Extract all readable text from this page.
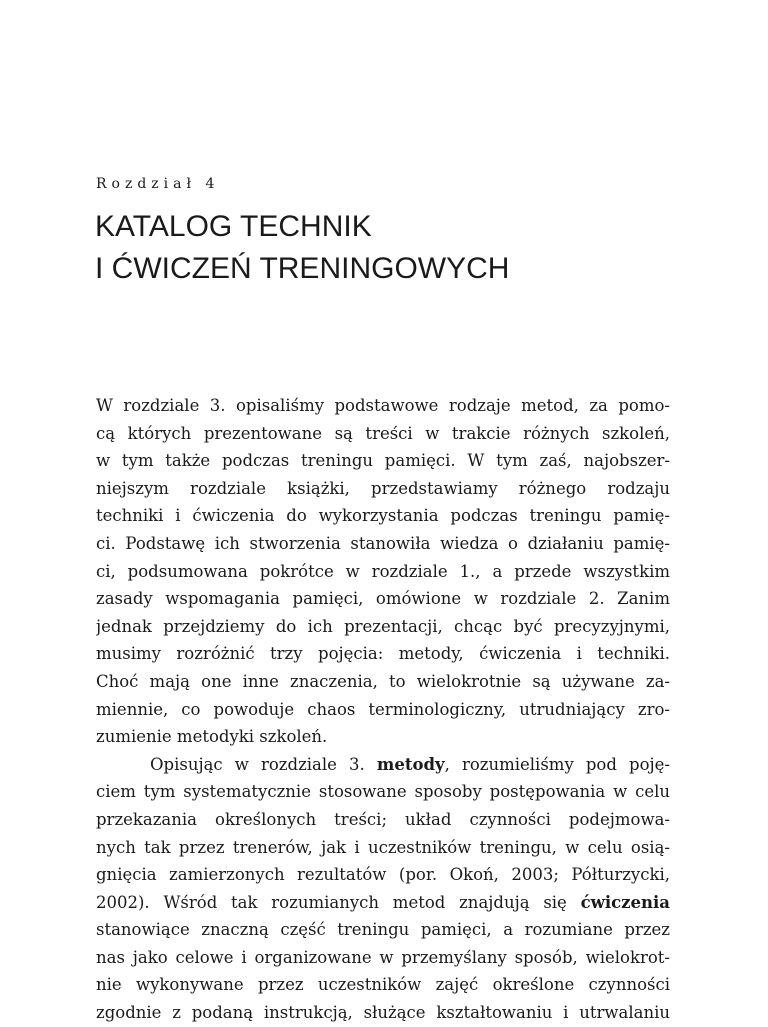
Rozdział 4
KATALOG TECHNIK
I ĆWICZEŃ TRENINGOWYCH
W rozdziale 3. opisaliśmy podstawowe rodzaje metod, za pomo-
cą których prezentowane są treści w trakcie różnych szkoleń,
w tym także podczas treningu pamięci. W tym zaś, najobszer-
niejszym rozdziale książki, przedstawiamy różnego rodzaju
techniki i ćwiczenia do wykorzystania podczas treningu pamię-
ci. Podstawę ich stworzenia stanowiła wiedza o działaniu pamię-
ci, podsumowana pokrótce w rozdziale 1., a przede wszystkim
zasady wspomagania pamięci, omówione w rozdziale 2. Zanim
jednak przejdziemy do ich prezentacji, chcąc być precyzyjnymi,
musimy rozróżnić trzy pojęcia: metody, ćwiczenia i techniki.
Choć mają one inne znaczenia, to wielokrotnie są używane za-
miennie, co powoduje chaos terminologiczny, utrudniający zro-
zumienie metodyki szkoleń.
Opisując w rozdziale 3. metody, rozumieliśmy pod poję-
ciem tym systematycznie stosowane sposoby postępowania w celu
przekazania określonych treści; układ czynności podejmowa-
nych tak przez trenerów, jak i uczestników treningu, w celu osią-
gnięcia zamierzonych rezultatów (por. Okoń, 2003; Półturzycki,
2002). Wśród tak rozumianych metod znajdują się ćwiczenia
stanowiące znaczną część treningu pamięci, a rozumiane przez
nas jako celowe i organizowane w przemyślany sposób, wielokrot-
nie wykonywane przez uczestników zajęć określone czynności
zgodnie z podaną instrukcją, służące kształtowaniu i utrwalaniu
